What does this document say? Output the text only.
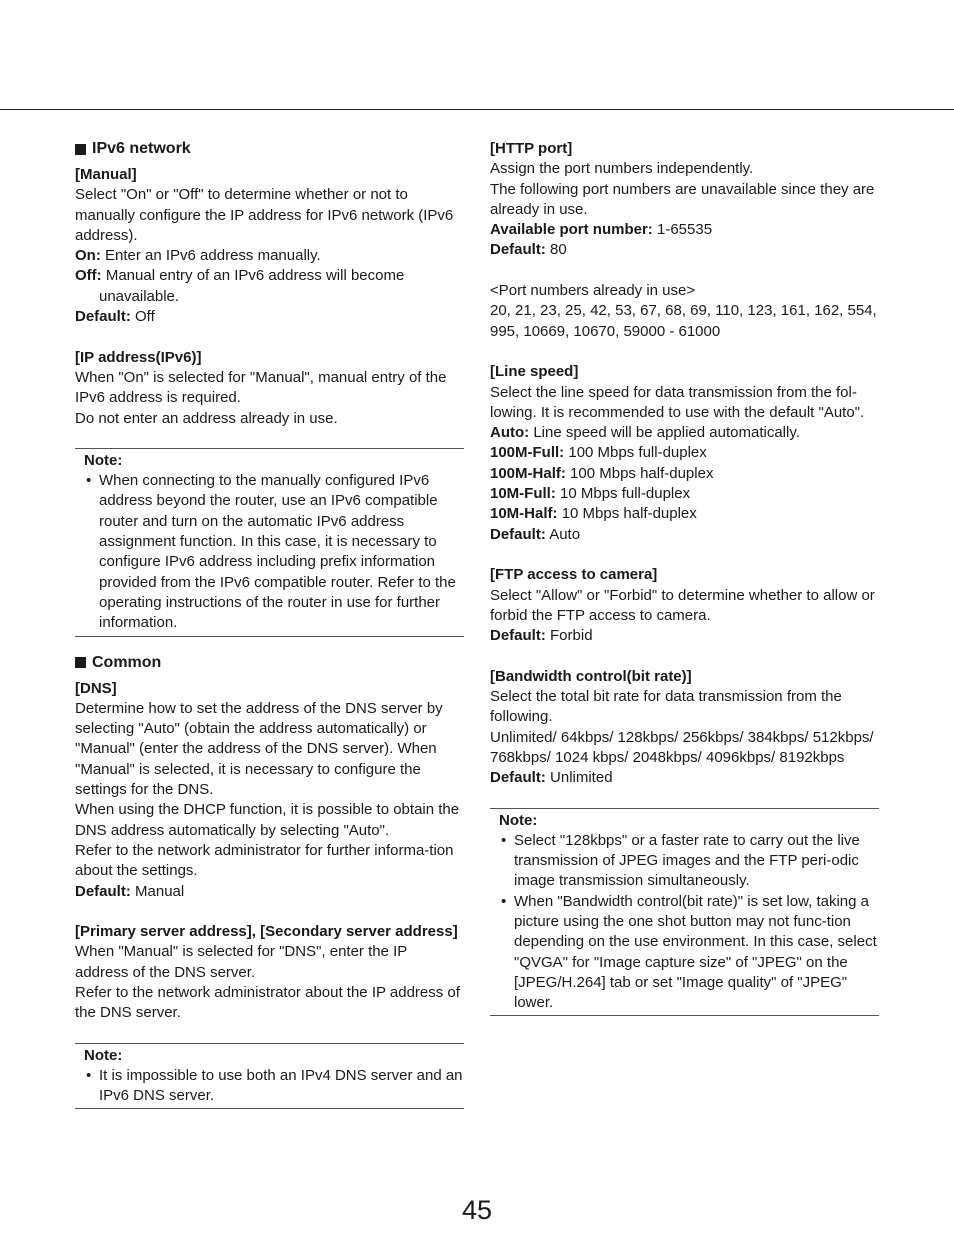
IPv6 network

[Manual]

Select "On" or "Off" to determine whether or not to manually configure the IP address for IPv6 network (IPv6 address).

On: Enter an IPv6 address manually.

Off: Manual entry of an IPv6 address will become unavailable.

Default: Off

[IP address(IPv6)]

When "On" is selected for "Manual", manual entry of the IPv6 address is required.

Do not enter an address already in use.

Note:
• When connecting to the manually configured IPv6 address beyond the router, use an IPv6 compatible router and turn on the automatic IPv6 address assignment function. In this case, it is necessary to configure IPv6 address including prefix information provided from the IPv6 compatible router. Refer to the operating instructions of the router in use for further information.
Common

[DNS]

Determine how to set the address of the DNS server by selecting "Auto" (obtain the address automatically) or "Manual" (enter the address of the DNS server). When "Manual" is selected, it is necessary to configure the settings for the DNS.

When using the DHCP function, it is possible to obtain the DNS address automatically by selecting "Auto".

Refer to the network administrator for further informa-tion about the settings.

Default: Manual

[Primary server address], [Secondary server address]

When "Manual" is selected for "DNS", enter the IP address of the DNS server.

Refer to the network administrator about the IP address of the DNS server.

Note:
• It is impossible to use both an IPv4 DNS server and an IPv6 DNS server.

[HTTP port]

Assign the port numbers independently.

The following port numbers are unavailable since they are already in use.

Available port number: 1-65535

Default: 80

<Port numbers already in use>

20, 21, 23, 25, 42, 53, 67, 68, 69, 110, 123, 161, 162, 554, 995, 10669, 10670, 59000 - 61000

[Line speed]

Select the line speed for data transmission from the fol-lowing. It is recommended to use with the default "Auto".

Auto: Line speed will be applied automatically.

100M-Full: 100 Mbps full-duplex

100M-Half: 100 Mbps half-duplex

10M-Full: 10 Mbps full-duplex

10M-Half: 10 Mbps half-duplex

Default: Auto

[FTP access to camera]

Select "Allow" or "Forbid" to determine whether to allow or forbid the FTP access to camera.

Default: Forbid

[Bandwidth control(bit rate)]

Select the total bit rate for data transmission from the following.

Unlimited/ 64kbps/ 128kbps/ 256kbps/ 384kbps/ 512kbps/ 768kbps/ 1024 kbps/ 2048kbps/ 4096kbps/ 8192kbps

Default: Unlimited

Note:
• Select "128kbps" or a faster rate to carry out the live transmission of JPEG images and the FTP peri-odic image transmission simultaneously.
• When "Bandwidth control(bit rate)" is set low, taking a picture using the one shot button may not func-tion depending on the use environment. In this case, select "QVGA" for "Image capture size" of "JPEG" on the [JPEG/H.264] tab or set "Image quality" of "JPEG" lower.
45
